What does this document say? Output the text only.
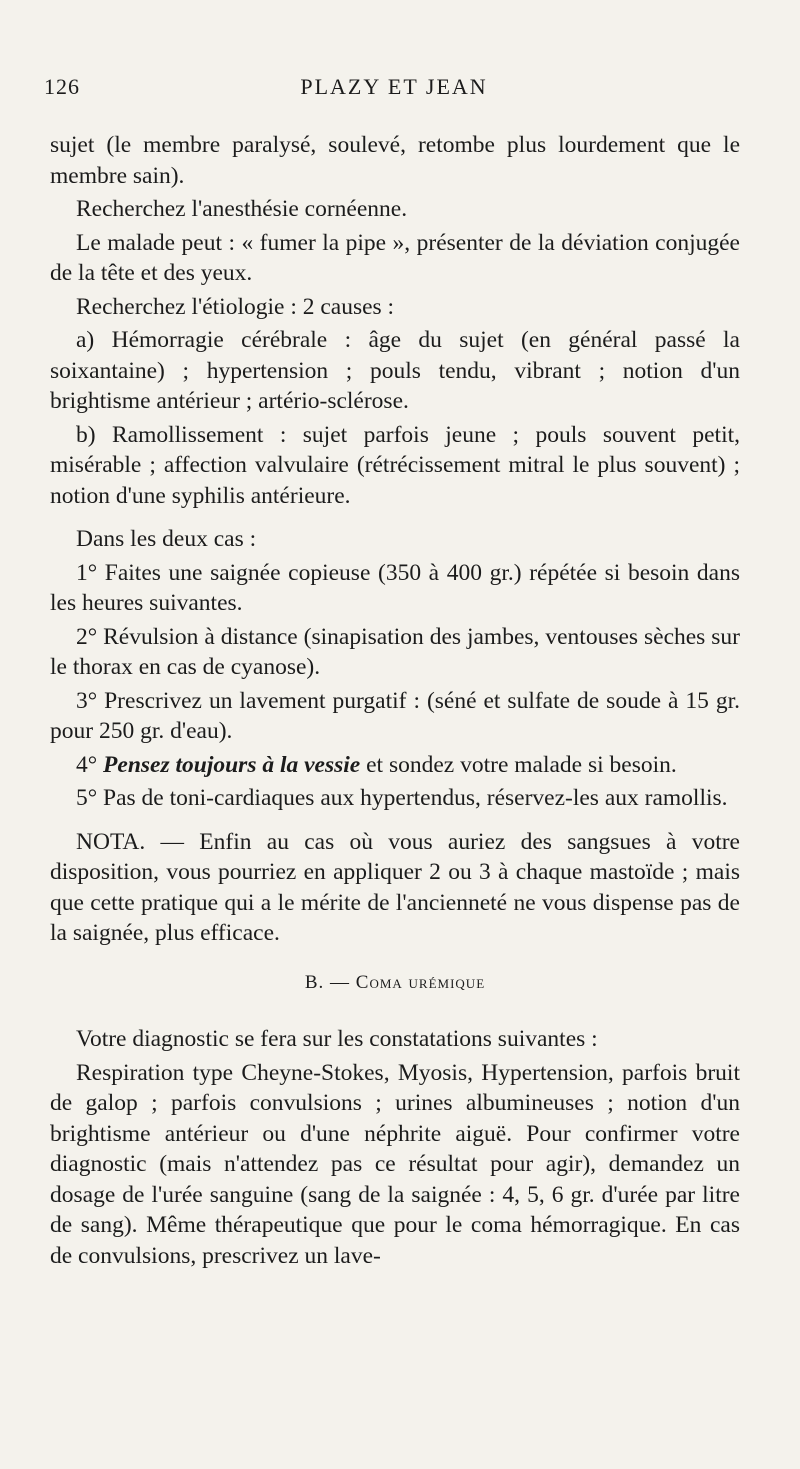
126	PLAZY ET JEAN

sujet (le membre paralysé, soulevé, retombe plus lourdement que le membre sain).

Recherchez l'anesthésie cornéenne.

Le malade peut : « fumer la pipe », présenter de la déviation conjugée de la tête et des yeux.

Recherchez l'étiologie : 2 causes :

a) Hémorragie cérébrale : âge du sujet (en général passé la soixantaine) ; hypertension ; pouls tendu, vibrant ; notion d'un brightisme antérieur ; artério-sclérose.

b) Ramollissement : sujet parfois jeune ; pouls souvent petit, misérable ; affection valvulaire (rétrécissement mitral le plus souvent) ; notion d'une syphilis antérieure.

Dans les deux cas :

1° Faites une saignée copieuse (350 à 400 gr.) répétée si besoin dans les heures suivantes.

2° Révulsion à distance (sinapisation des jambes, ventouses sèches sur le thorax en cas de cyanose).

3° Prescrivez un lavement purgatif : (séné et sulfate de soude à 15 gr. pour 250 gr. d'eau).

4° Pensez toujours à la vessie et sondez votre malade si besoin.

5° Pas de toni-cardiaques aux hypertendus, réservez-les aux ramollis.

NOTA. — Enfin au cas où vous auriez des sangsues à votre disposition, vous pourriez en appliquer 2 ou 3 à chaque mastoïde ; mais que cette pratique qui a le mérite de l'ancienneté ne vous dispense pas de la saignée, plus efficace.

B. — Coma urémique

Votre diagnostic se fera sur les constatations suivantes :

Respiration type Cheyne-Stokes, Myosis, Hypertension, parfois bruit de galop ; parfois convulsions ; urines albumineuses ; notion d'un brightisme antérieur ou d'une néphrite aiguë. Pour confirmer votre diagnostic (mais n'attendez pas ce résultat pour agir), demandez un dosage de l'urée sanguine (sang de la saignée : 4, 5, 6 gr. d'urée par litre de sang). Même thérapeutique que pour le coma hémorragique. En cas de convulsions, prescrivez un lave-
